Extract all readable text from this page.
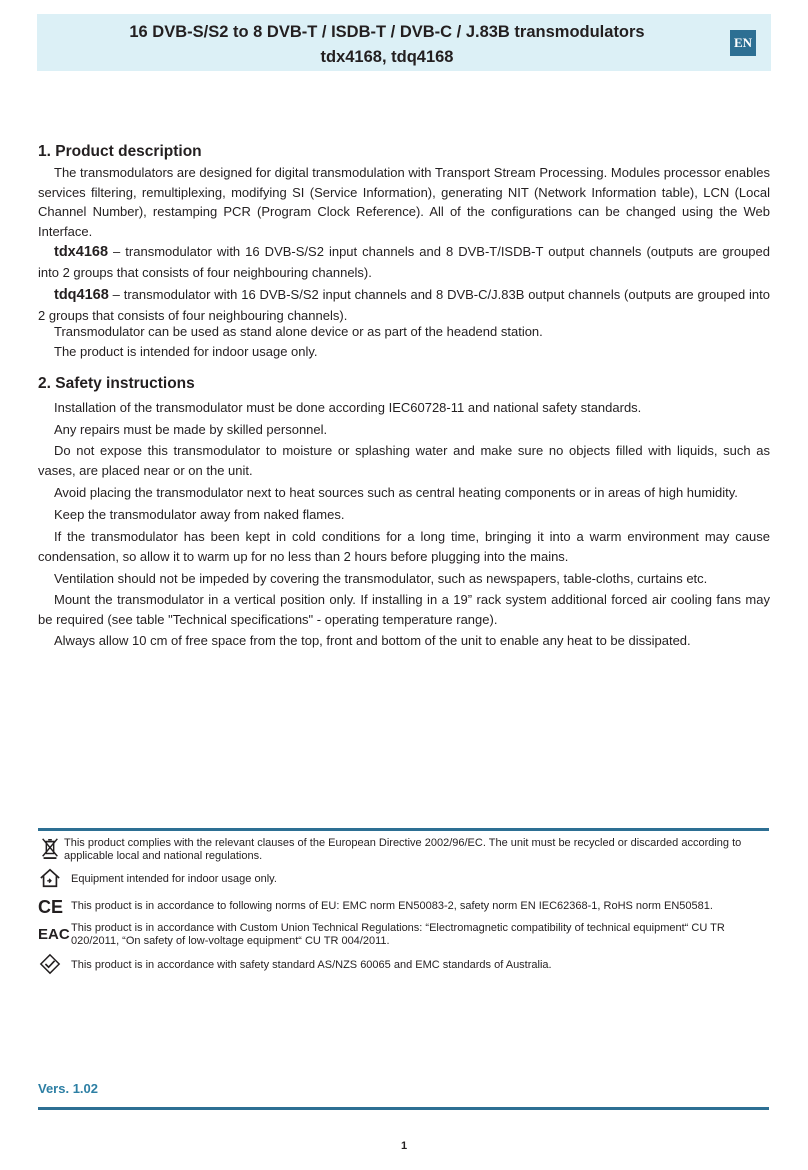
16 DVB-S/S2 to 8 DVB-T / ISDB-T / DVB-C / J.83B transmodulators
tdx4168, tdq4168
EN
1. Product description

The transmodulators are designed for digital transmodulation with Transport Stream Processing. Modules processor enables services filtering, remultiplexing, modifying SI (Service Information), generating NIT (Network Information table), LCN (Local Channel Number), restamping PCR (Program Clock Reference). All of the configurations can be changed using the Web Interface.

tdx4168 – transmodulator with 16 DVB-S/S2 input channels and 8 DVB-T/ISDB-T output channels (outputs are grouped into 2 groups that consists of four neighbouring channels).

tdq4168 – transmodulator with 16 DVB-S/S2 input channels and 8 DVB-C/J.83B output channels (outputs are grouped into 2 groups that consists of four neighbouring channels).

Transmodulator can be used as stand alone device or as part of the headend station.

The product is intended for indoor usage only.

2. Safety instructions

Installation of the transmodulator must be done according IEC60728-11 and national safety standards.

Any repairs must be made by skilled personnel.

Do not expose this transmodulator to moisture or splashing water and make sure no objects filled with liquids, such as vases, are placed near or on the unit.

Avoid placing the transmodulator next to heat sources such as central heating components or in areas of high humidity.

Keep the transmodulator away from naked flames.

If the transmodulator has been kept in cold conditions for a long time, bringing it into a warm environment may cause condensation, so allow it to warm up for no less than 2 hours before plugging into the mains.

Ventilation should not be impeded by covering the transmodulator, such as newspapers, table-cloths, curtains etc.

Mount the transmodulator in a vertical position only. If installing in a 19” rack system additional forced air cooling fans may be required (see table "Technical specifications" - operating temperature range).

Always allow 10 cm of free space from the top, front and bottom of the unit to enable any heat to be dissipated.

This product complies with the relevant clauses of the European Directive 2002/96/EC. The unit must be recycled or discarded according to applicable local and national regulations.
Equipment intended for indoor usage only.
CE This product is in accordance to following norms of EU: EMC norm EN50083-2, safety norm EN IEC62368-1, RoHS norm EN50581.
EAC This product is in accordance with Custom Union Technical Regulations: “Electromagnetic compatibility of technical equipment“ CU TR 020/2011, “On safety of low-voltage equipment“ CU TR 004/2011.
This product is in accordance with safety standard AS/NZS 60065 and EMC standards of Australia.
Vers. 1.02
1
